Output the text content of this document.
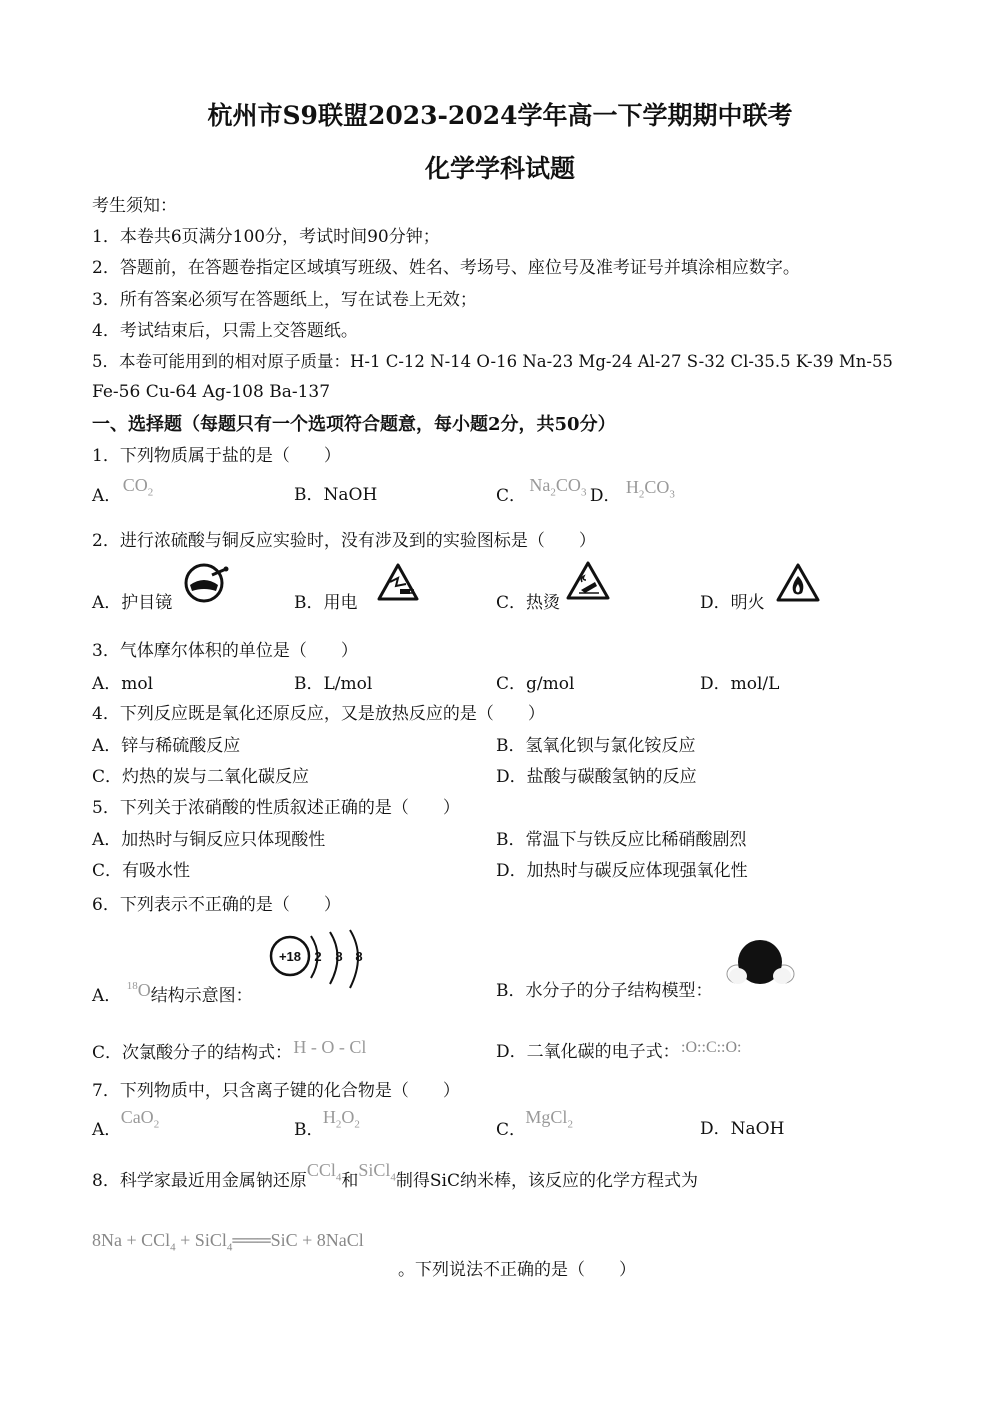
杭州市S9联盟2023-2024学年高一下学期期中联考
化学学科试题
考生须知：
1．本卷共6页满分100分，考试时间90分钟；
2．答题前，在答题卷指定区域填写班级、姓名、考场号、座位号及准考证号并填涂相应数字。
3．所有答案必须写在答题纸上，写在试卷上无效；
4．考试结束后，只需上交答题纸。
5．本卷可能用到的相对原子质量：H-1 C-12 N-14 O-16 Na-23 Mg-24 Al-27 S-32 Cl-35.5 K-39 Mn-55
Fe-56 Cu-64 Ag-108 Ba-137
一、选择题（每题只有一个选项符合题意，每小题2分，共50分）
1．下列物质属于盐的是（　　）
A． $CO_2$	B．NaOH	C． $Na_2CO_3$ D． $H_2CO_3$
2．进行浓硫酸与铜反应实验时，没有涉及到的实验图标是（　　）
A．护目镜	B．用电	C．热烫	D．明火
3．气体摩尔体积的单位是（　　）
A．mol	B．L/mol	C．g/mol	D．mol/L
4．下列反应既是氧化还原反应，又是放热反应的是（　　）
A．锌与稀硫酸反应	B．氢氧化钡与氯化铵反应
C．灼热的炭与二氧化碳反应	D．盐酸与碳酸氢钠的反应
5．下列关于浓硝酸的性质叙述正确的是（　　）
A．加热时与铜反应只体现酸性	B．常温下与铁反应比稀硝酸剧烈
C．有吸水性	D．加热时与碳反应体现强氧化性
6．下列表示不正确的是（　　）
A． $^{18}$O结构示意图：
+18 2 8 8
B．水分子的分子结构模型：
C．次氯酸分子的结构式： H - O - Cl	D．二氧化碳的电子式： :O::C::O:
7．下列物质中，只含离子键的化合物是（　　）
A． CaO$_2$	B． $H_2O_2$	C． MgCl$_2$	D．NaOH
8．科学家最近用金属钠还原CCl$_4$和SiCl$_4$制得SiC纳米棒，该反应的化学方程式为
8Na + CCl$_4$ + SiCl$_4$═══SiC + 8NaCl
。下列说法不正确的是（　　）
